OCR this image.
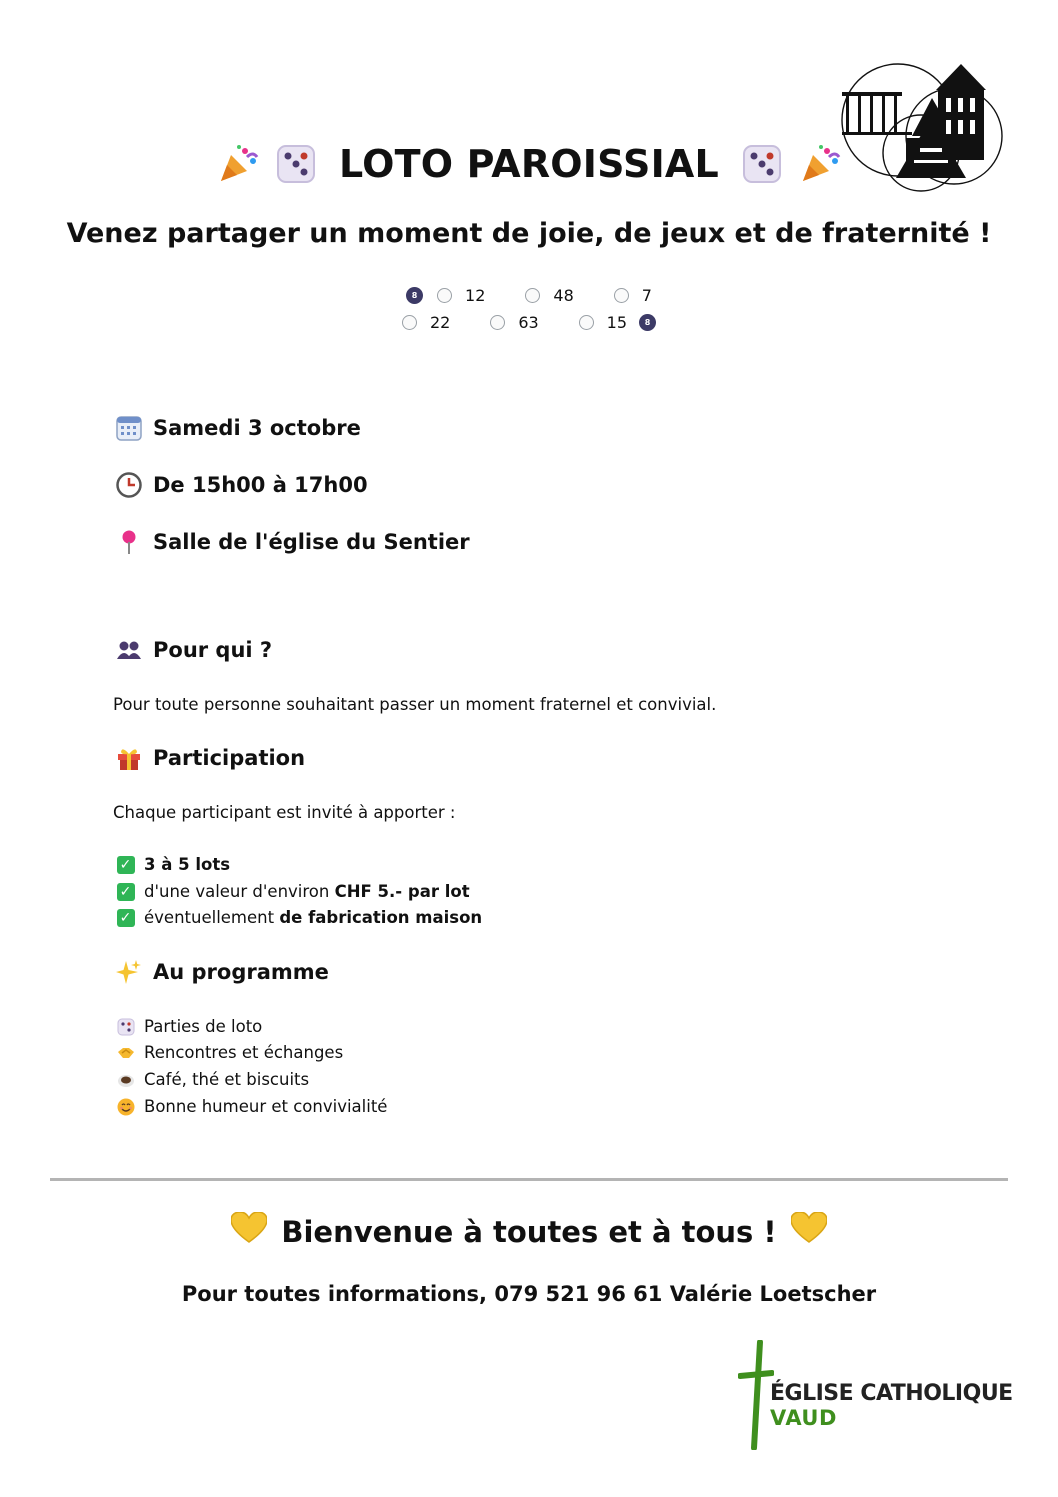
LOTO PAROISSIAL
Venez partager un moment de joie, de jeux et de fraternité !
8	12	48	7
22	63	15	8
Samedi 3 octobre
De 15h00 à 17h00
Salle de l'église du Sentier
Pour qui ?
Pour toute personne souhaitant passer un moment fraternel et convivial.
Participation
Chaque participant est invité à apporter :
✓ 3 à 5 lots
✓ d'une valeur d'environ CHF 5.- par lot
✓ éventuellement de fabrication maison
Au programme
Parties de loto
Rencontres et échanges
Café, thé et biscuits
Bonne humeur et convivialité
Bienvenue à toutes et à tous !
Pour toutes informations, 079 521 96 61 Valérie Loetscher
ÉGLISE CATHOLIQUE
VAUD
